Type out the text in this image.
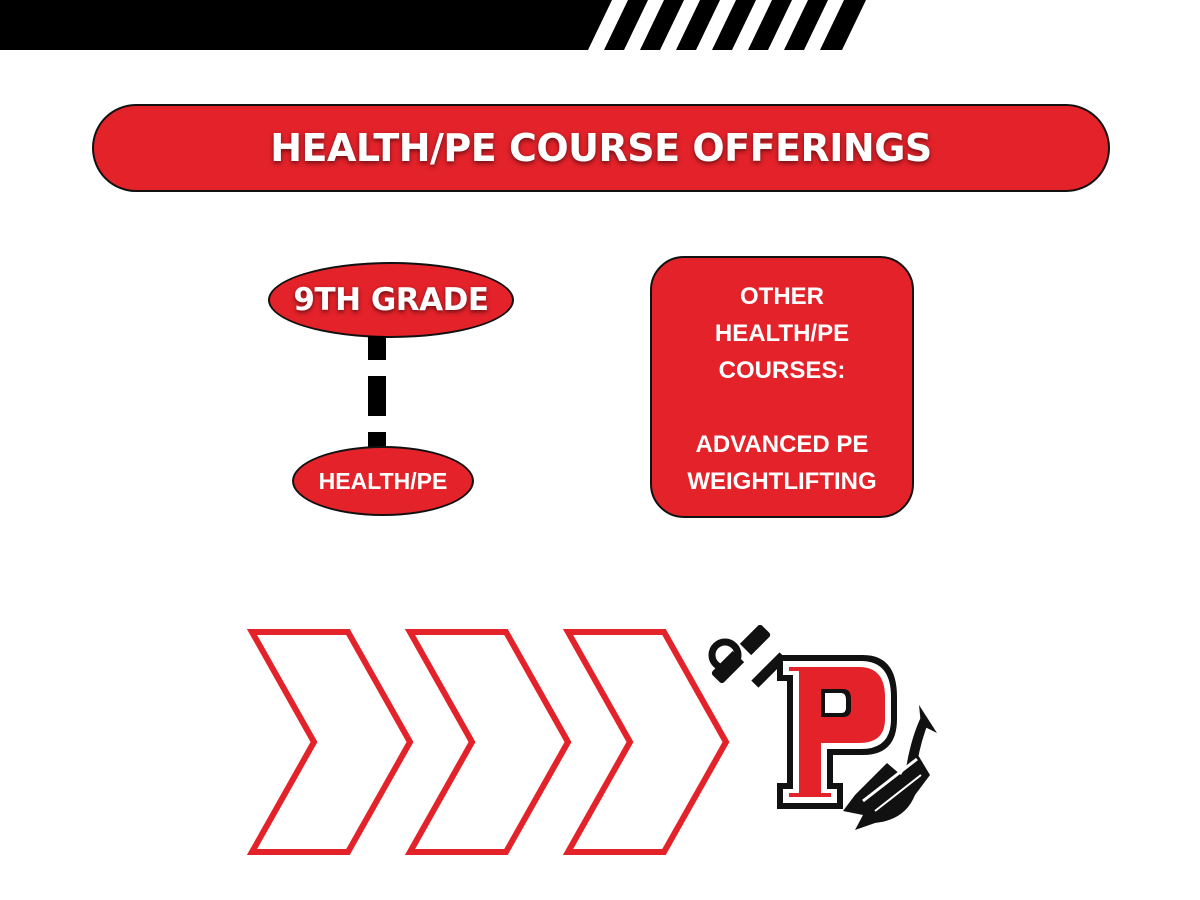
HEALTH/PE COURSE OFFERINGS
9TH GRADE
HEALTH/PE
OTHER
HEALTH/PE
COURSES:
ADVANCED PE
WEIGHTLIFTING
